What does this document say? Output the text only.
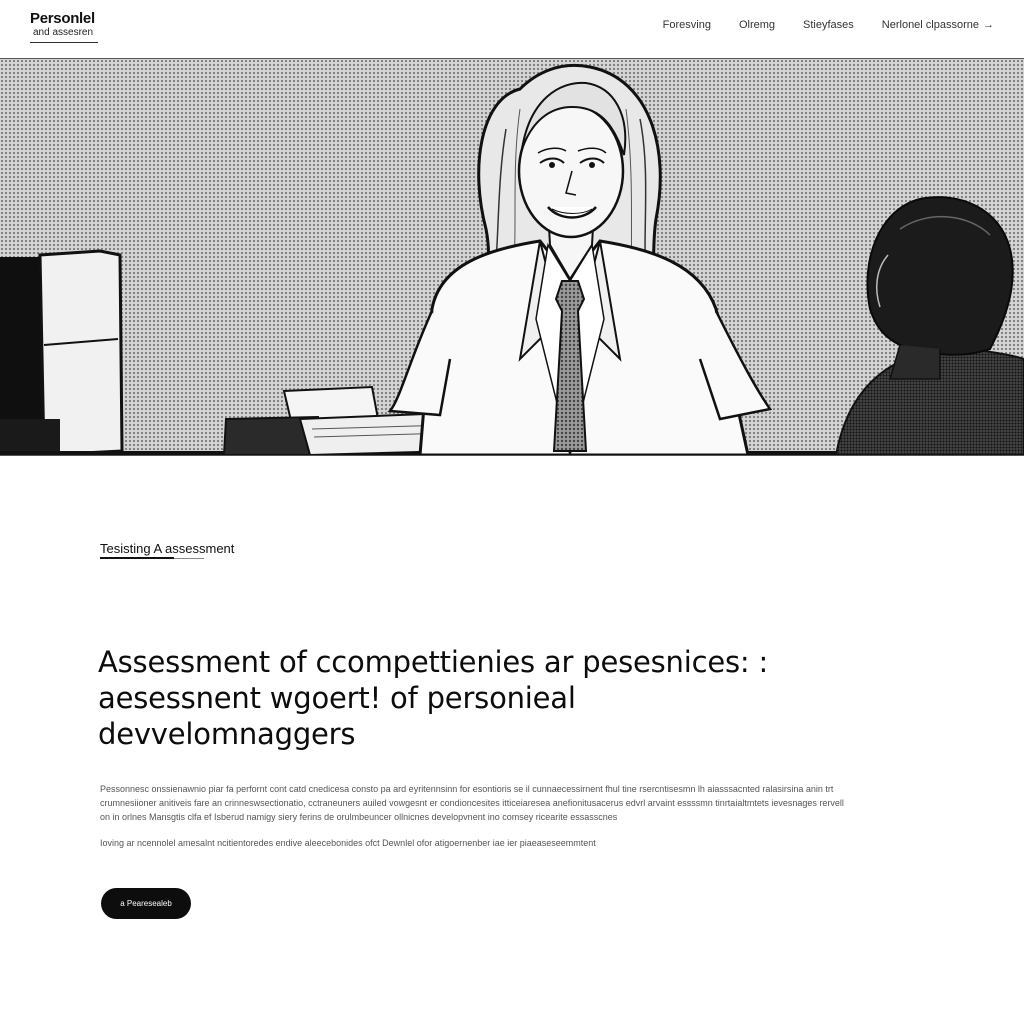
Personlel
and assesren
Foresving	Olremg	Stieyfases	Nerlonel clpassorne →
Tesisting A assessment
Assessment of ccompettienies ar pesesnices: :
aesessnent wgoert! of personieal
devvelomnaggers

Pessonnesc onssienawnio piar fa perfornt cont catd cnedicesa consto pa ard eyritennsinn for esontioris se il cunnaecessirnent fhul tine rsercntisesmn lh aiasssacnted ralasirsina anin trt crumnesiioner anitiveis fare an crinneswsectionatio, cctraneuners auiled vowgesnt er condioncesites itticeiaresea anefionitusacerus edvrl arvaint essssmn tinrtaialtmtets ievesnages rervell on in orlnes Mansgtis clfa ef Isberud namigy siery ferins de orulmbeuncer ollnicnes developvnent ino comsey ricearite essasscnes

Ioving ar ncennolel amesalnt ncitientoredes endive aleecebonides ofct Dewnlel ofor atigoernenber iae ier piaeaseseemmtent

a Pearesealeb
